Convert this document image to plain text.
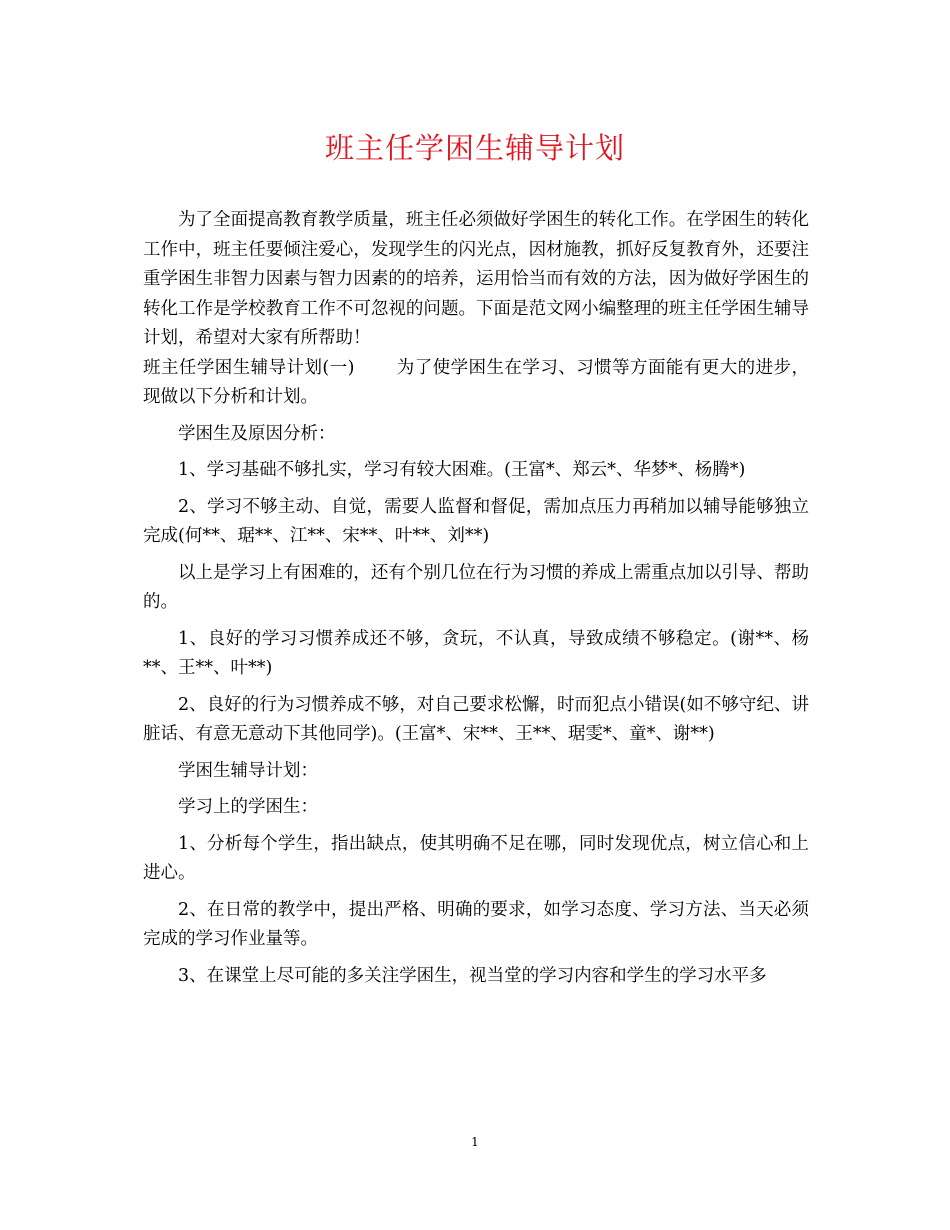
班主任学困生辅导计划

为了全面提高教育教学质量，班主任必须做好学困生的转化工作。在学困生的转化工作中，班主任要倾注爱心，发现学生的闪光点，因材施教，抓好反复教育外，还要注重学困生非智力因素与智力因素的的培养，运用恰当而有效的方法，因为做好学困生的转化工作是学校教育工作不可忽视的问题。下面是范文网小编整理的班主任学困生辅导计划，希望对大家有所帮助！

班主任学困生辅导计划(一)　　 为了使学困生在学习、习惯等方面能有更大的进步，现做以下分析和计划。

学困生及原因分析：

1、学习基础不够扎实，学习有较大困难。(王富*、郑云*、华梦*、杨腾*)

2、学习不够主动、自觉，需要人监督和督促，需加点压力再稍加以辅导能够独立完成(何**、琚**、江**、宋**、叶**、刘**)

以上是学习上有困难的，还有个别几位在行为习惯的养成上需重点加以引导、帮助的。

1、良好的学习习惯养成还不够，贪玩，不认真，导致成绩不够稳定。(谢**、杨**、王**、叶**)

2、良好的行为习惯养成不够，对自己要求松懈，时而犯点小错误(如不够守纪、讲脏话、有意无意动下其他同学)。(王富*、宋**、王**、琚雯*、童*、谢**)

学困生辅导计划：

学习上的学困生：

1、分析每个学生，指出缺点，使其明确不足在哪，同时发现优点，树立信心和上进心。

2、在日常的教学中，提出严格、明确的要求，如学习态度、学习方法、当天必须完成的学习作业量等。

3、在课堂上尽可能的多关注学困生，视当堂的学习内容和学生的学习水平多

1
